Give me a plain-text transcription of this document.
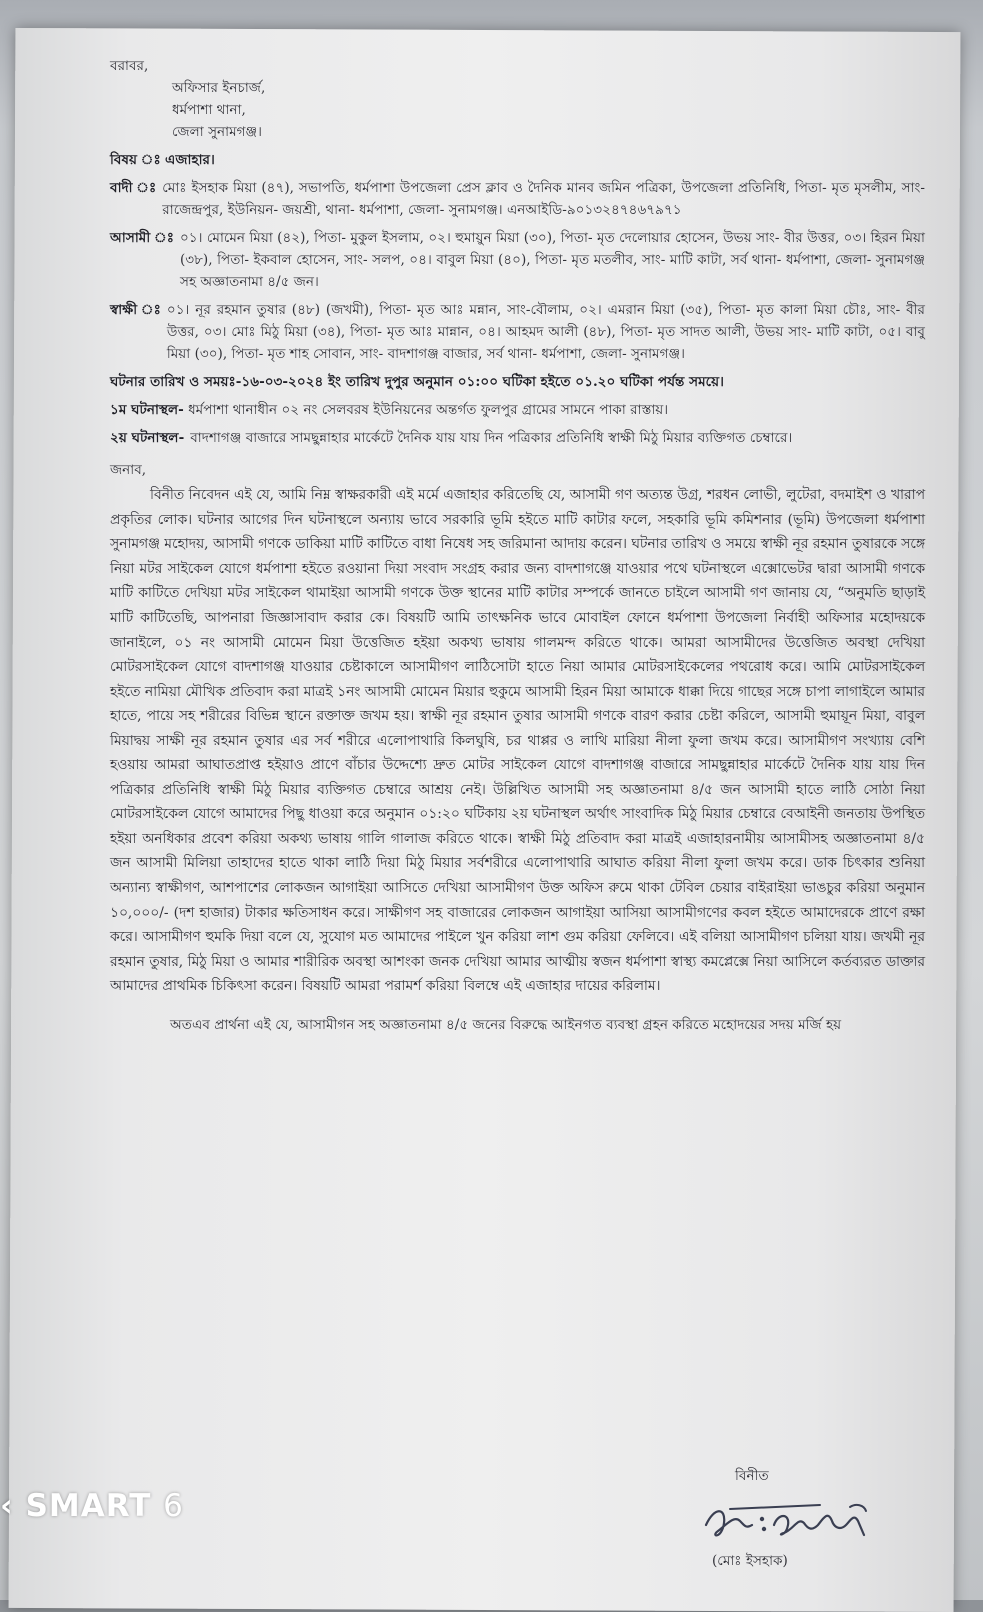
বরাবর,
অফিসার ইনচার্জ,
ধর্মপাশা থানা,
জেলা সুনামগঞ্জ।
বিষয় ঃ এজাহার।
বাদী ঃ মোঃ ইসহাক মিয়া (৪৭), সভাপতি, ধর্মপাশা উপজেলা প্রেস ক্লাব ও দৈনিক মানব জমিন পত্রিকা, উপজেলা প্রতিনিধি, পিতা- মৃত মৃসলীম, সাং- রাজেন্দ্রপুর, ইউনিয়ন- জয়শ্রী, থানা- ধর্মপাশা, জেলা- সুনামগঞ্জ। এনআইডি-৯০১৩২৪৭৪৬৭৯৭১
আসামী ঃ ০১। মোমেন মিয়া (৪২), পিতা- মুকুল ইসলাম, ০২। হুমায়ুন মিয়া (৩০), পিতা- মৃত দেলোয়ার হোসেন, উভয় সাং- বীর উত্তর, ০৩। হিরন মিয়া (৩৮), পিতা- ইকবাল হোসেন, সাং- সলপ, ০৪। বাবুল মিয়া (৪০), পিতা- মৃত মতলীব, সাং- মাটি কাটা, সর্ব থানা- ধর্মপাশা, জেলা- সুনামগঞ্জ সহ অজ্ঞাতনামা ৪/৫ জন।
স্বাক্ষী ঃ ০১। নূর রহমান তুষার (৪৮) (জখমী), পিতা- মৃত আঃ মন্নান, সাং-বৌলাম, ০২। এমরান মিয়া (৩৫), পিতা- মৃত কালা মিয়া চৌঃ, সাং- বীর উত্তর, ০৩। মোঃ মিঠু মিয়া (৩৪), পিতা- মৃত আঃ মান্নান, ০৪। আহমদ আলী (৪৮), পিতা- মৃত সাদত আলী, উভয় সাং- মাটি কাটা, ০৫। বাবু মিয়া (৩০), পিতা- মৃত শাহ সোবান, সাং- বাদশাগঞ্জ বাজার, সর্ব থানা- ধর্মপাশা, জেলা- সুনামগঞ্জ।
ঘটনার তারিখ ও সময়ঃ-১৬-০৩-২০২৪ ইং তারিখ দুপুর অনুমান ০১:০০ ঘটিকা হইতে ০১.২০ ঘটিকা পর্যন্ত সময়ে।
১ম ঘটনাস্থল- ধর্মপাশা থানাধীন ০২ নং সেলবরষ ইউনিয়নের অন্তর্গত ফুলপুর গ্রামের সামনে পাকা রাস্তায়।
২য় ঘটনাস্থল- বাদশাগঞ্জ বাজারে সামছুন্নাহার মার্কেটে দৈনিক যায় যায় দিন পত্রিকার প্রতিনিধি স্বাক্ষী মিঠু মিয়ার ব্যক্তিগত চেম্বারে।
জনাব,

বিনীত নিবেদন এই যে, আমি নিম্ন স্বাক্ষরকারী এই মর্মে এজাহার করিতেছি যে, আসামী গণ অত্যন্ত উগ্র, শরধন লোভী, লুটেরা, বদমাইশ ও খারাপ প্রকৃতির লোক। ঘটনার আগের দিন ঘটনাস্থলে অন্যায় ভাবে সরকারি ভূমি হইতে মাটি কাটার ফলে, সহকারি ভূমি কমিশনার (ভূমি) উপজেলা ধর্মপাশা সুনামগঞ্জ মহোদয়, আসামী গণকে ডাকিয়া মাটি কাটিতে বাধা নিষেধ সহ জরিমানা আদায় করেন। ঘটনার তারিখ ও সময়ে স্বাক্ষী নূর রহমান তুষারকে সঙ্গে নিয়া মটর সাইকেল যোগে ধর্মপাশা হইতে রওয়ানা দিয়া সংবাদ সংগ্রহ করার জন্য বাদশাগঞ্জে যাওয়ার পথে ঘটনাস্থলে এক্সোভেটর দ্বারা আসামী গণকে মাটি কাটিতে দেখিয়া মটর সাইকেল থামাইয়া আসামী গণকে উক্ত স্থানের মাটি কাটার সম্পর্কে জানতে চাইলে আসামী গণ জানায় যে, “অনুমতি ছাড়াই মাটি কাটিতেছি, আপনারা জিজ্ঞাসাবাদ করার কে। বিষয়টি আমি তাৎক্ষনিক ভাবে মোবাইল ফোনে ধর্মপাশা উপজেলা নির্বাহী অফিসার মহোদয়কে জানাইলে, ০১ নং আসামী মোমেন মিয়া উত্তেজিত হইয়া অকথ্য ভাষায় গালমন্দ করিতে থাকে। আমরা আসামীদের উত্তেজিত অবস্থা দেখিয়া মোটরসাইকেল যোগে বাদশাগঞ্জ যাওয়ার চেষ্টাকালে আসামীগণ লাঠিসোটা হাতে নিয়া আমার মোটরসাইকেলের পথরোধ করে। আমি মোটরসাইকেল হইতে নামিয়া মৌখিক প্রতিবাদ করা মাত্রই ১নং আসামী মোমেন মিয়ার হুকুমে আসামী হিরন মিয়া আমাকে ধাক্কা দিয়ে গাছের সঙ্গে চাপা লাগাইলে আমার হাতে, পায়ে সহ শরীরের বিভিন্ন স্থানে রক্তাক্ত জখম হয়। স্বাক্ষী নূর রহমান তুষার আসামী গণকে বারণ করার চেষ্টা করিলে, আসামী হুমায়ূন মিয়া, বাবুল মিয়াদ্বয় সাক্ষী নূর রহমান তুষার এর সর্ব শরীরে এলোপাথারি কিলঘুষি, চর থাপ্পর ও লাথি মারিয়া নীলা ফুলা জখম করে। আসামীগণ সংখ্যায় বেশি হওয়ায় আমরা আঘাতপ্রাপ্ত হইয়াও প্রাণে বাঁচার উদ্দেশ্যে দ্রুত মোটর সাইকেল যোগে বাদশাগঞ্জ বাজারে সামছুন্নাহার মার্কেটে দৈনিক যায় যায় দিন পত্রিকার প্রতিনিধি স্বাক্ষী মিঠু মিয়ার ব্যক্তিগত চেম্বারে আশ্রয় নেই। উল্লিখিত আসামী সহ অজ্ঞাতনামা ৪/৫ জন আসামী হাতে লাঠি সোঠা নিয়া মোটরসাইকেল যোগে আমাদের পিছু ধাওয়া করে অনুমান ০১:২০ ঘটিকায় ২য় ঘটনাস্থল অর্থাৎ সাংবাদিক মিঠু মিয়ার চেম্বারে বেআইনী জনতায় উপস্থিত হইয়া অনধিকার প্রবেশ করিয়া অকথ্য ভাষায় গালি গালাজ করিতে থাকে। স্বাক্ষী মিঠু প্রতিবাদ করা মাত্রই এজাহারনামীয় আসামীসহ অজ্ঞাতনামা ৪/৫ জন আসামী মিলিয়া তাহাদের হাতে থাকা লাঠি দিয়া মিঠু মিয়ার সর্বশরীরে এলোপাথারি আঘাত করিয়া নীলা ফুলা জখম করে। ডাক চিৎকার শুনিয়া অন্যান্য স্বাক্ষীগণ, আশপাশের লোকজন আগাইয়া আসিতে দেখিয়া আসামীগণ উক্ত অফিস রুমে থাকা টেবিল চেয়ার বাইরাইয়া ভাঙচুর করিয়া অনুমান ১০,০০০/- (দশ হাজার) টাকার ক্ষতিসাধন করে। সাক্ষীগণ সহ বাজারের লোকজন আগাইয়া আসিয়া আসামীগণের কবল হইতে আমাদেরকে প্রাণে রক্ষা করে। আসামীগণ হুমকি দিয়া বলে যে, সুযোগ মত আমাদের পাইলে খুন করিয়া লাশ গুম করিয়া ফেলিবে। এই বলিয়া আসামীগণ চলিয়া যায়। জখমী নূর রহমান তুষার, মিঠু মিয়া ও আমার শারীরিক অবস্থা আশংকা জনক দেখিয়া আমার আত্মীয় স্বজন ধর্মপাশা স্বাস্থ্য কমপ্লেক্সে নিয়া আসিলে কর্তব্যরত ডাক্তার আমাদের প্রাথমিক চিকিৎসা করেন। বিষয়টি আমরা পরামর্শ করিয়া বিলম্বে এই এজাহার দায়ের করিলাম।

অতএব প্রার্থনা এই যে, আসামীগন সহ অজ্ঞাতনামা ৪/৫ জনের বিরুদ্ধে আইনগত ব্যবস্থা গ্রহন করিতে মহোদয়ের সদয় মর্জি হয়

বিনীত
(মোঃ ইসহাক)
‹ SMART 6
